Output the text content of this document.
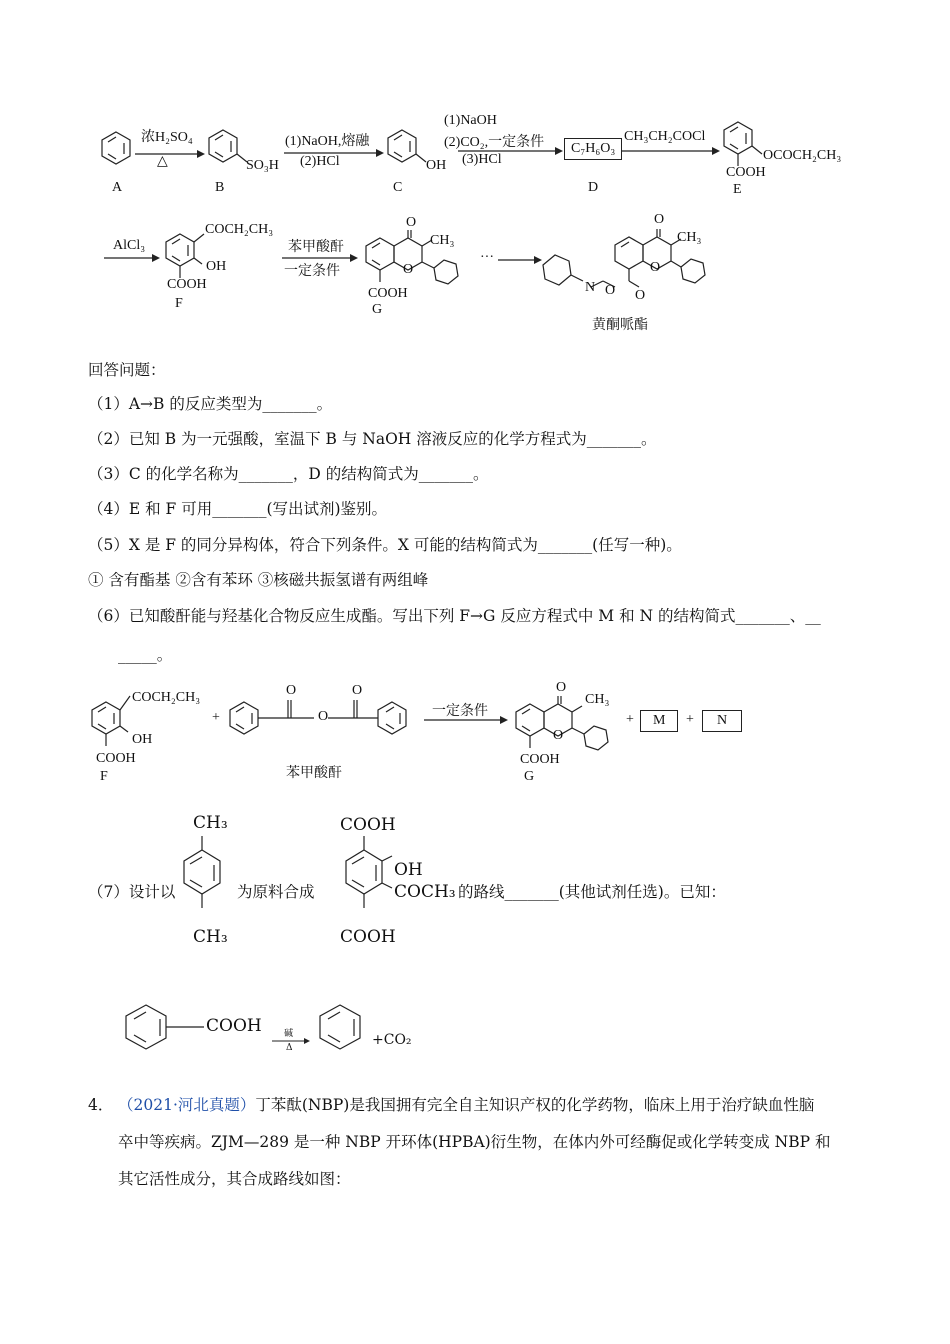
A
浓H₂SO₄
△	SO₃H
B
(1)NaOH,熔融
(2)HCl	OH
C
(1)NaOH
(2)CO₂,一定条件
(3)HCl
C₇H₆O₃
D
CH₃CH₂COCl
OCOCH₂CH₃
COOH
E
AlCl₃
COCH₂CH₃
OH
COOH
F
苯甲酸酐
一定条件
O
CH₃
O
COOH
G
···
O
CH₃
N
O
O O
黄酮哌酯
回答问题：
（1）A→B 的反应类型为_______。
（2）已知 B 为一元强酸，室温下 B 与 NaOH 溶液反应的化学方程式为_______。
（3）C 的化学名称为_______，D 的结构简式为_______。
（4）E 和 F 可用_______(写出试剂)鉴别。
（5）X 是 F 的同分异构体，符合下列条件。X 可能的结构简式为_______(任写一种)。
① 含有酯基 ②含有苯环 ③核磁共振氢谱有两组峰
（6）已知酸酐能与羟基化合物反应生成酯。写出下列 F→G 反应方程式中 M 和 N 的结构简式_______、__
_____。
COCH₂CH₃
OH
COOH
F
+
O	O
O
苯甲酸酐
一定条件
O
CH₃
O
COOH
G
+	M	+	N
（7）设计以
CH₃
CH₃
为原料合成
COOH
OH
COCH₃
COOH
的路线_______(其他试剂任选)。已知：
COOH 碱
Δ	+CO₂
4． （2021·河北真题）丁苯酞(NBP)是我国拥有完全自主知识产权的化学药物，临床上用于治疗缺血性脑
卒中等疾病。ZJM—289 是一种 NBP 开环体(HPBA)衍生物，在体内外可经酶促或化学转变成 NBP 和
其它活性成分，其合成路线如图：
